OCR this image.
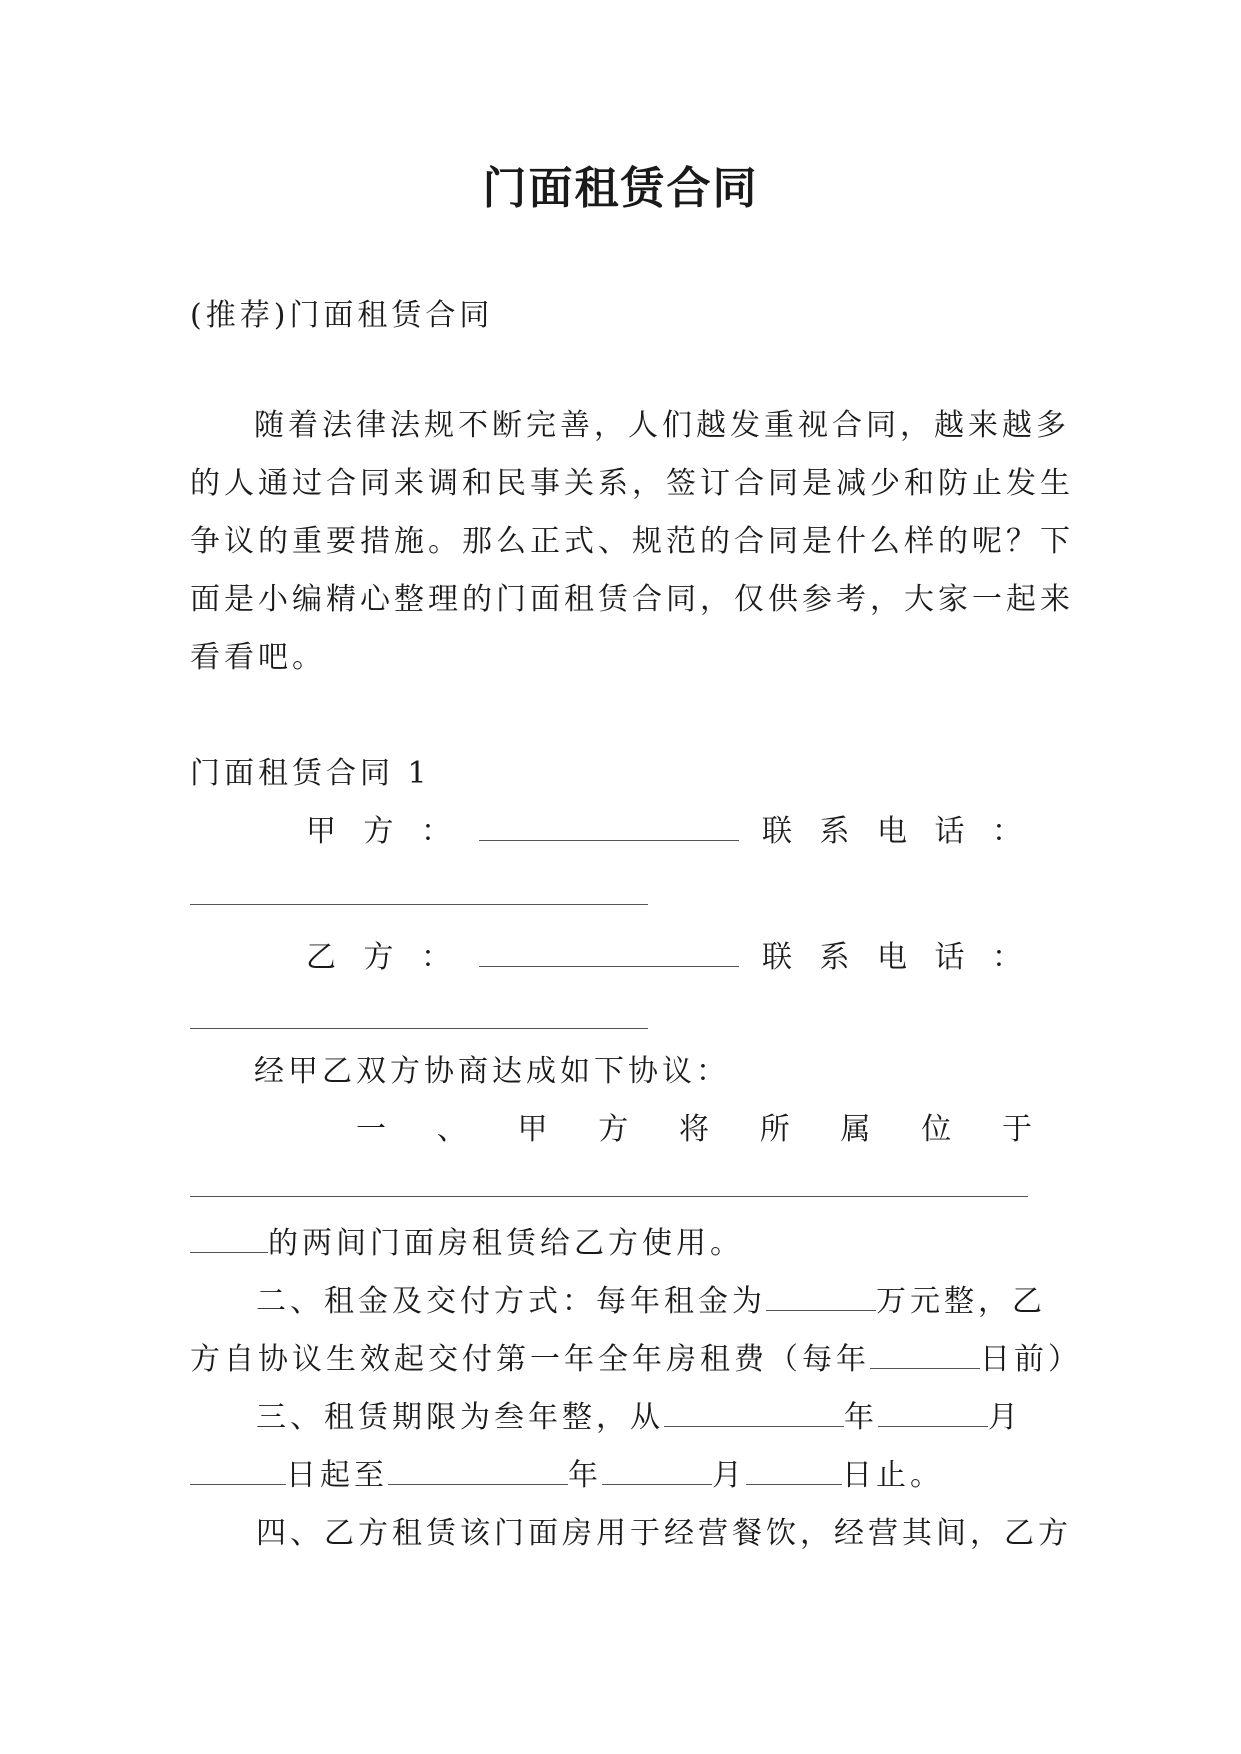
门面租赁合同
(推荐)门面租赁合同
随着法律法规不断完善，人们越发重视合同，越来越多
的人通过合同来调和民事关系，签订合同是减少和防止发生
争议的重要措施。那么正式、规范的合同是什么样的呢？下
面是小编精心整理的门面租赁合同，仅供参考，大家一起来
看看吧。
门面租赁合同 1
甲 方 ：	联 系 电 话 ：
乙 方 ：	联 系 电 话 ：
经甲乙双方协商达成如下协议：
一 、 甲 方 将 所 属 位 于
的两间门面房租赁给乙方使用。
二、租金及交付方式：每年租金为	万元整，乙
方自协议生效起交付第一年全年房租费（每年	日前）
三、租赁期限为叁年整，从	年	月
日起至	年	月	日止。
四、乙方租赁该门面房用于经营餐饮，经营其间，乙方
